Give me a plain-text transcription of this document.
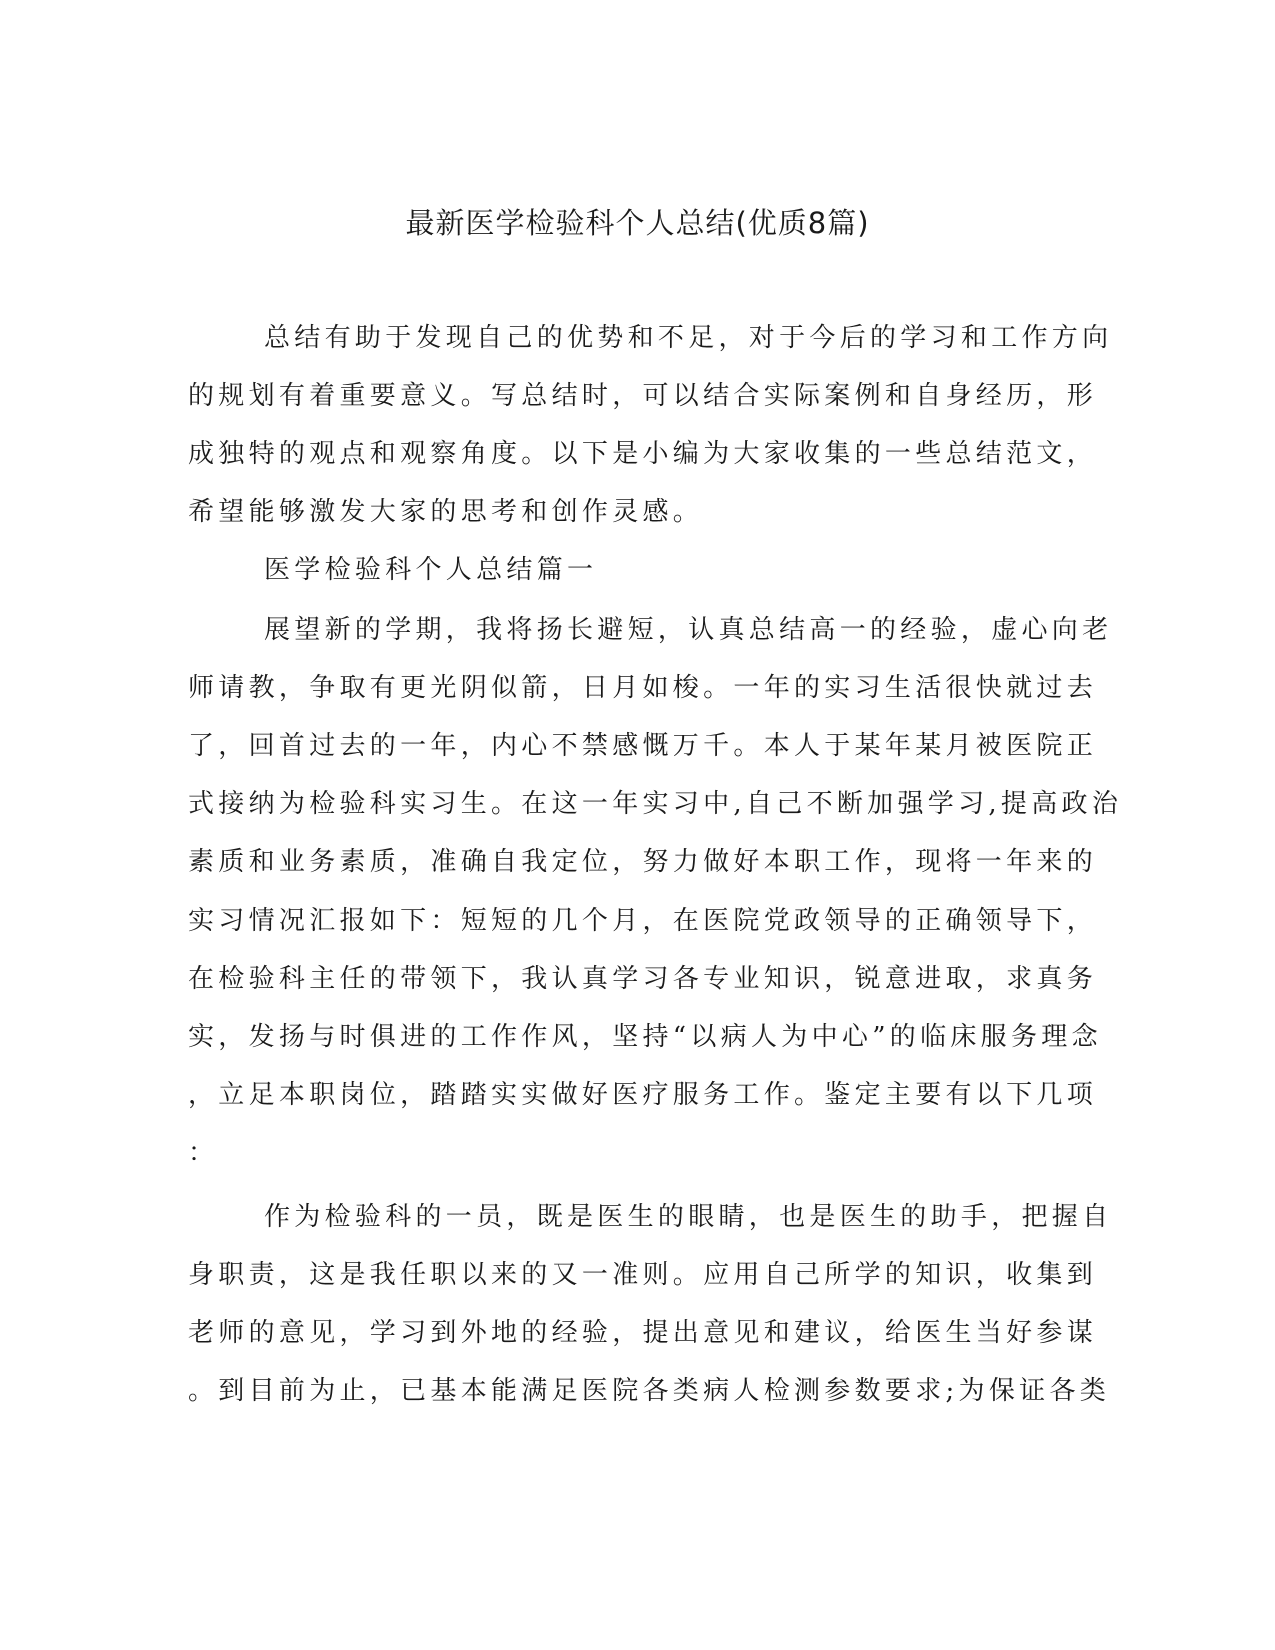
最新医学检验科个人总结(优质8篇)

总结有助于发现自己的优势和不足，对于今后的学习和工作方向

的规划有着重要意义。写总结时，可以结合实际案例和自身经历，形

成独特的观点和观察角度。以下是小编为大家收集的一些总结范文，

希望能够激发大家的思考和创作灵感。

医学检验科个人总结篇一

展望新的学期，我将扬长避短，认真总结高一的经验，虚心向老

师请教，争取有更光阴似箭，日月如梭。一年的实习生活很快就过去

了，回首过去的一年，内心不禁感慨万千。本人于某年某月被医院正

式接纳为检验科实习生。在这一年实习中,自己不断加强学习,提高政治

素质和业务素质，准确自我定位，努力做好本职工作，现将一年来的

实习情况汇报如下：短短的几个月，在医院党政领导的正确领导下，

在检验科主任的带领下，我认真学习各专业知识，锐意进取，求真务

实，发扬与时俱进的工作作风，坚持“以病人为中心”的临床服务理念

，立足本职岗位，踏踏实实做好医疗服务工作。鉴定主要有以下几项

：

作为检验科的一员，既是医生的眼睛，也是医生的助手，把握自

身职责，这是我任职以来的又一准则。应用自己所学的知识，收集到

老师的意见，学习到外地的经验，提出意见和建议，给医生当好参谋

。到目前为止，已基本能满足医院各类病人检测参数要求;为保证各类
